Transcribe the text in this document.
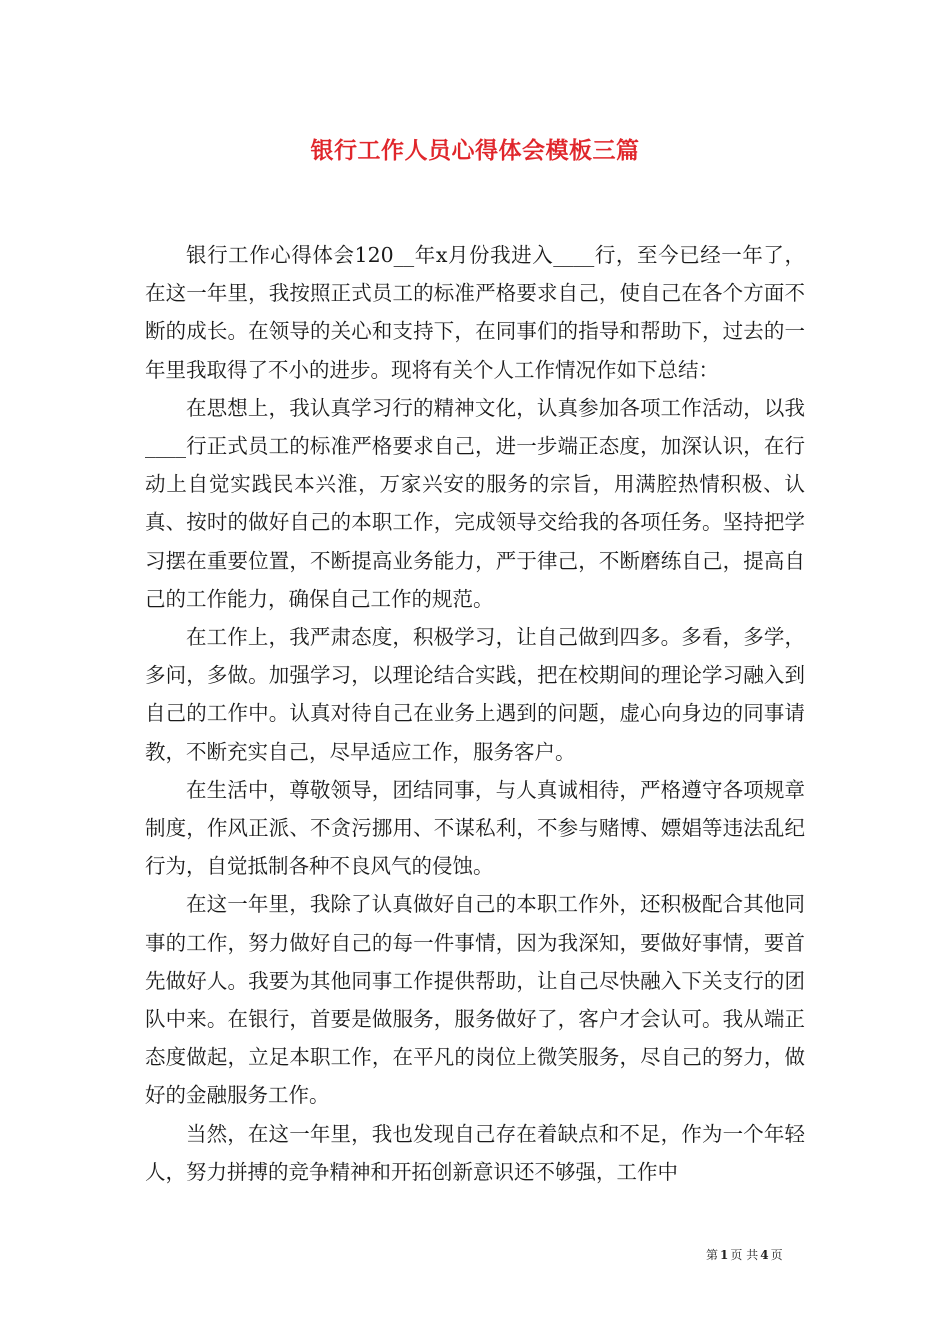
银行工作人员心得体会模板三篇

银行工作心得体会120__年x月份我进入____行，至今已经一年了，在这一年里，我按照正式员工的标准严格要求自己，使自己在各个方面不断的成长。在领导的关心和支持下，在同事们的指导和帮助下，过去的一年里我取得了不小的进步。现将有关个人工作情况作如下总结：

在思想上，我认真学习行的精神文化，认真参加各项工作活动，以我____行正式员工的标准严格要求自己，进一步端正态度，加深认识，在行动上自觉实践民本兴淮，万家兴安的服务的宗旨，用满腔热情积极、认真、按时的做好自己的本职工作，完成领导交给我的各项任务。坚持把学习摆在重要位置，不断提高业务能力，严于律己，不断磨练自己，提高自己的工作能力，确保自己工作的规范。

在工作上，我严肃态度，积极学习，让自己做到四多。多看，多学，多问，多做。加强学习，以理论结合实践，把在校期间的理论学习融入到自己的工作中。认真对待自己在业务上遇到的问题，虚心向身边的同事请教，不断充实自己，尽早适应工作，服务客户。

在生活中，尊敬领导，团结同事，与人真诚相待，严格遵守各项规章制度，作风正派、不贪污挪用、不谋私利，不参与赌博、嫖娼等违法乱纪行为，自觉抵制各种不良风气的侵蚀。

在这一年里，我除了认真做好自己的本职工作外，还积极配合其他同事的工作，努力做好自己的每一件事情，因为我深知，要做好事情，要首先做好人。我要为其他同事工作提供帮助，让自己尽快融入下关支行的团队中来。在银行，首要是做服务，服务做好了，客户才会认可。我从端正态度做起，立足本职工作，在平凡的岗位上微笑服务，尽自己的努力，做好的金融服务工作。

当然，在这一年里，我也发现自己存在着缺点和不足，作为一个年轻人，努力拼搏的竞争精神和开拓创新意识还不够强，工作中

第 1 页 共 4 页
